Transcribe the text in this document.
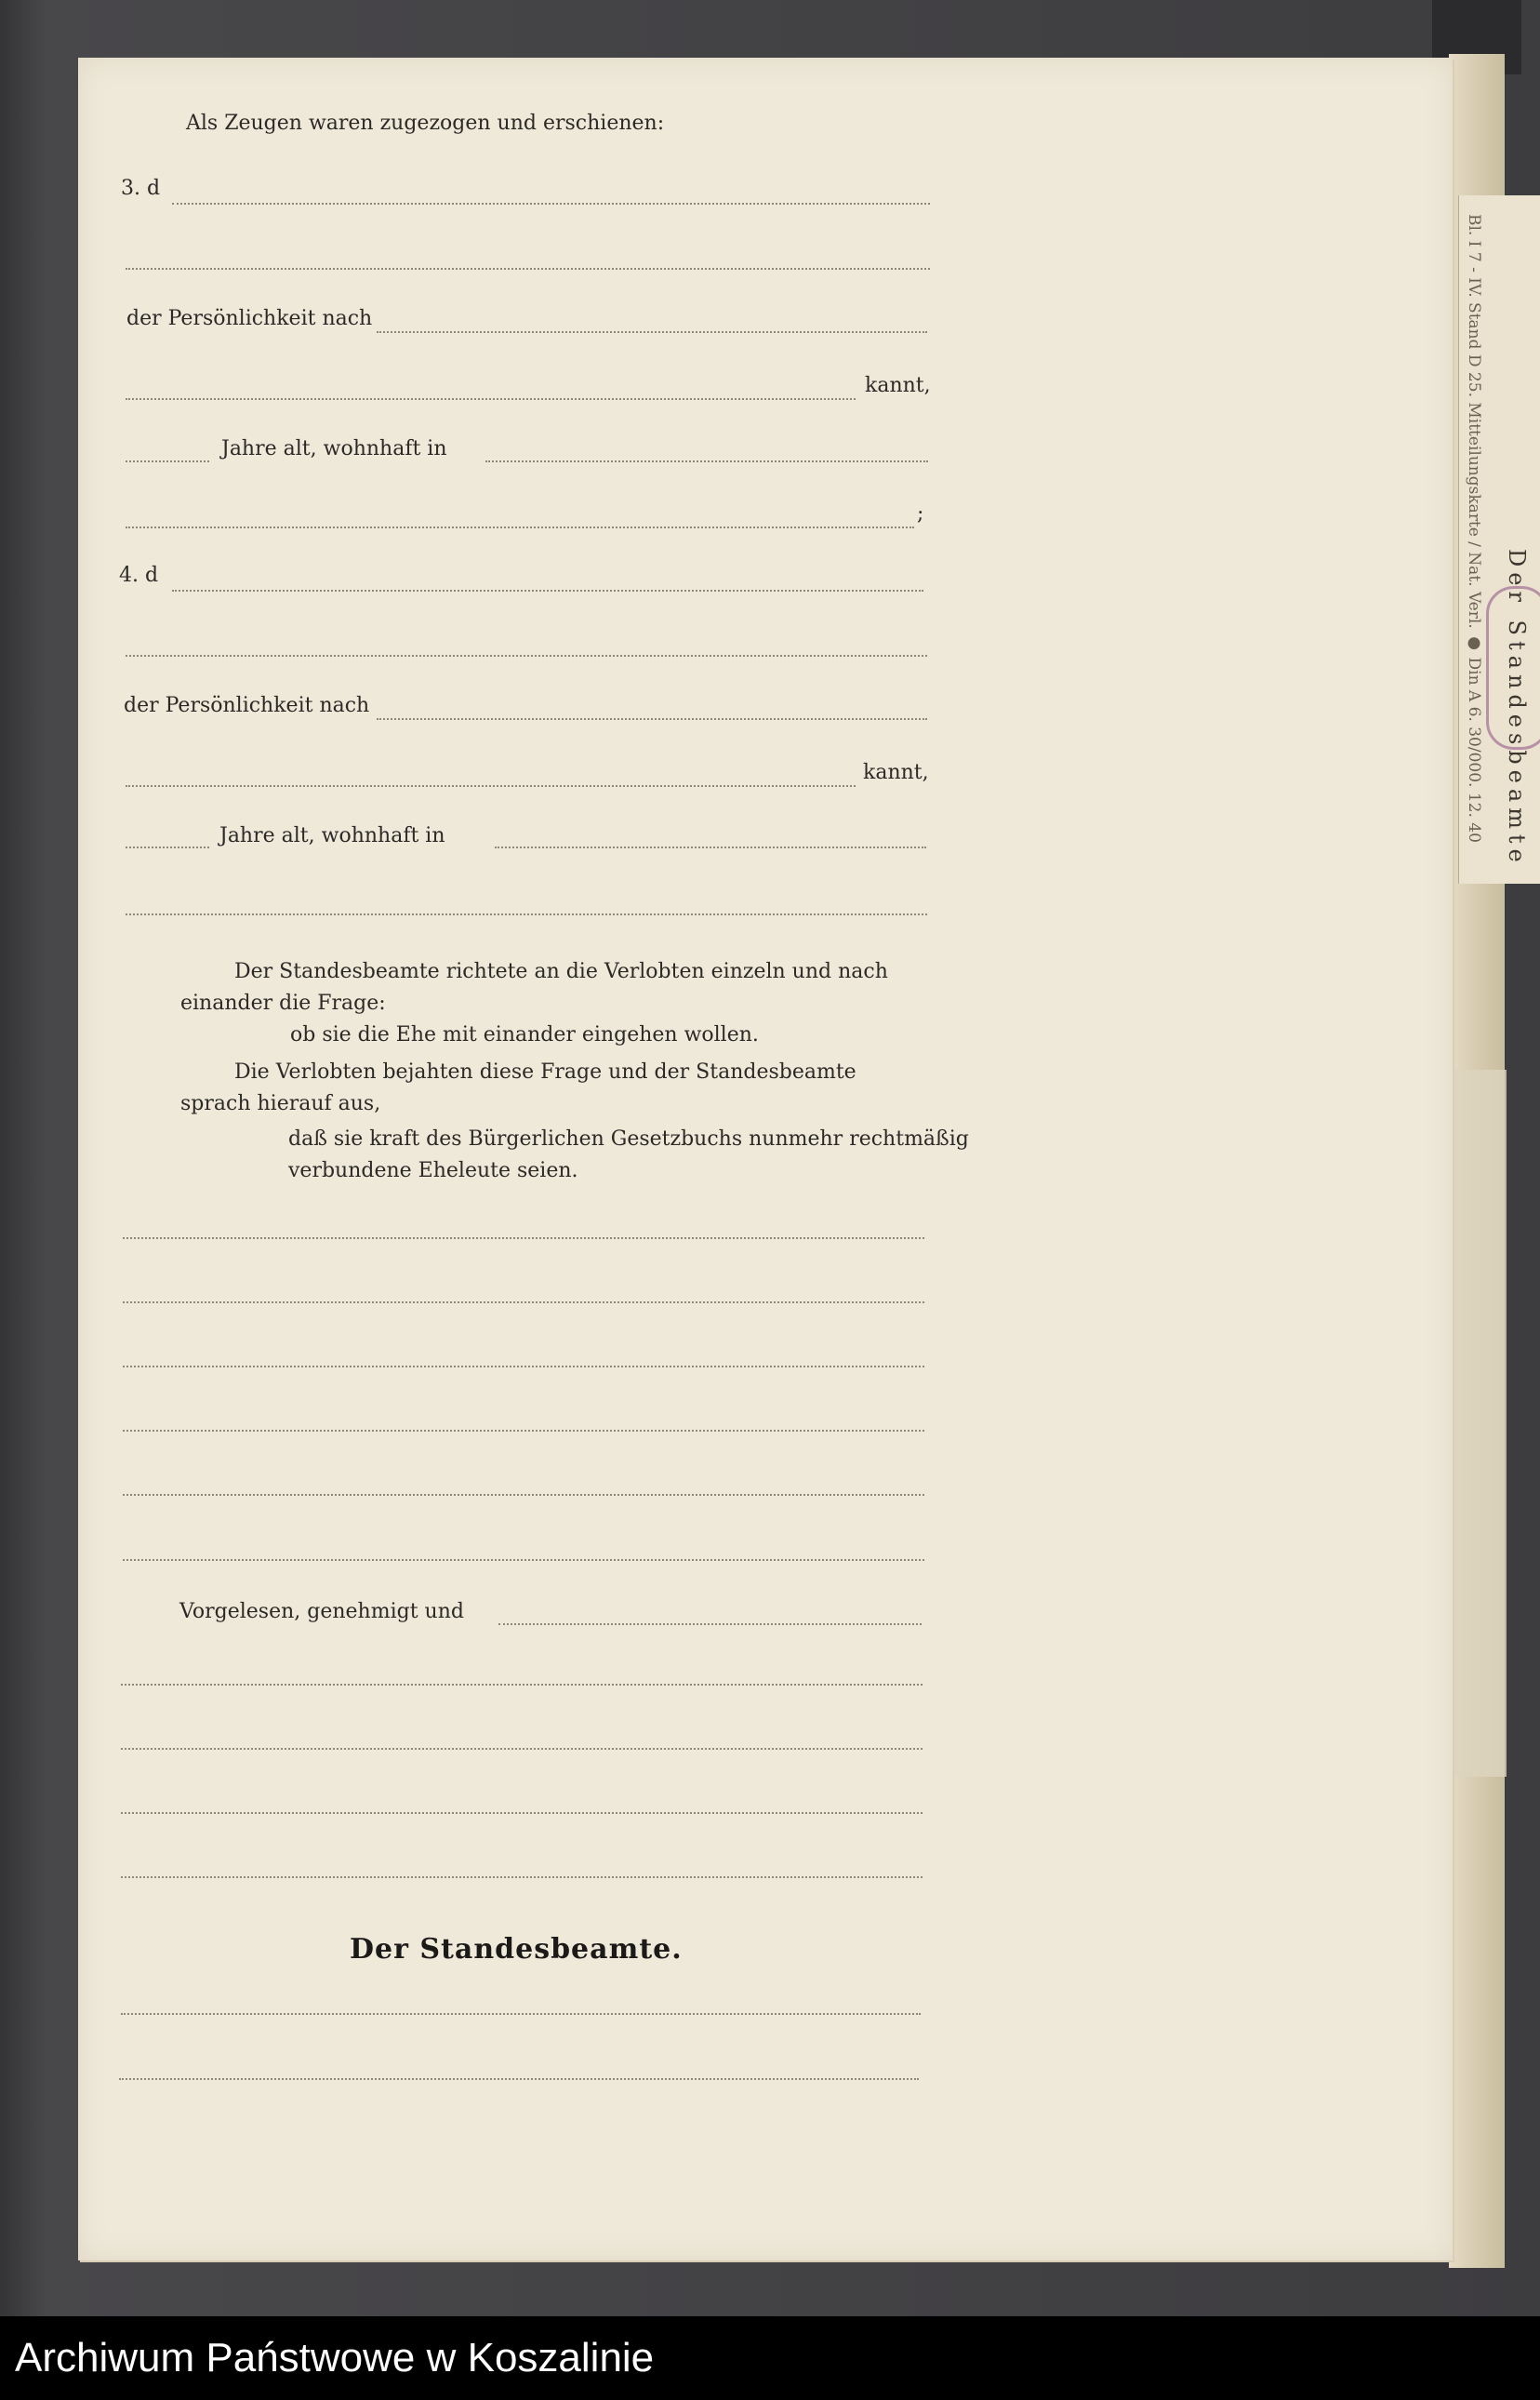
Als Zeugen waren zugezogen und erschienen:
3. d
der Persönlichkeit nach
kannt,
Jahre alt, wohnhaft in
;
4. d
der Persönlichkeit nach
kannt,
Jahre alt, wohnhaft in
Der Standesbeamte richtete an die Verlobten einzeln und nach
einander die Frage:
ob sie die Ehe mit einander eingehen wollen.
Die Verlobten bejahten diese Frage und der Standesbeamte
sprach hierauf aus,
daß sie kraft des Bürgerlichen Gesetzbuchs nunmehr rechtmäßig
verbundene Eheleute seien.
Vorgelesen, genehmigt und
Der Standesbeamte.
Bl. I 7 - IV. Stand D 25. Mitteilungskarte / Nat. Verl. ● Din A 6. 30/000. 12. 40 Der Standesbeamte
Archiwum Państwowe w Koszalinie
